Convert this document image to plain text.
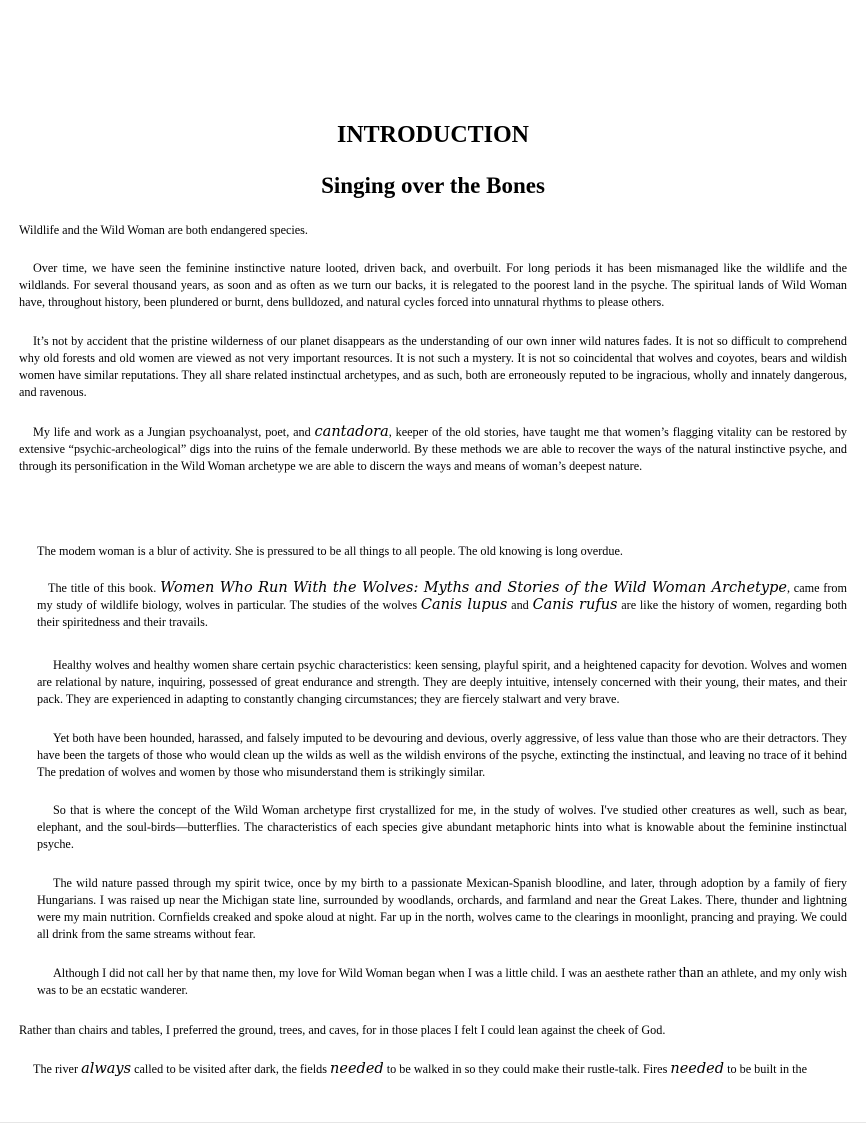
INTRODUCTION
Singing over the Bones

Wildlife and the Wild Woman are both endangered species.

Over time, we have seen the feminine instinctive nature looted, driven back, and overbuilt. For long periods it has been mismanaged like the wildlife and the wildlands. For several thousand years, as soon and as often as we turn our backs, it is relegated to the poorest land in the psyche. The spiritual lands of Wild Woman have, throughout history, been plundered or burnt, dens bulldozed, and natural cycles forced into unnatural rhythms to please others.

It’s not by accident that the pristine wilderness of our planet disappears as the understanding of our own inner wild natures fades. It is not so difficult to comprehend why old forests and old women are viewed as not very important resources. It is not such a mystery. It is not so coincidental that wolves and coyotes, bears and wildish women have similar reputations. They all share related instinctual archetypes, and as such, both are erroneously reputed to be ingracious, wholly and innately dangerous, and ravenous.

My life and work as a Jungian psychoanalyst, poet, and cantadora, keeper of the old stories, have taught me that women’s flagging vitality can be restored by extensive “psychic-archeological” digs into the ruins of the female underworld. By these methods we are able to recover the ways of the natural instinctive psyche, and through its personification in the Wild Woman archetype we are able to discern the ways and means of woman’s deepest nature.

The modem woman is a blur of activity. She is pressured to be all things to all people. The old knowing is long overdue.

The title of this book. Women Who Run With the Wolves: Myths and Stories of the Wild Woman Archetype, came from my study of wildlife biology, wolves in particular. The studies of the wolves Canis lupus and Canis rufus are like the history of women, regarding both their spiritedness and their travails.

Healthy wolves and healthy women share certain psychic characteristics: keen sensing, playful spirit, and a heightened capacity for devotion. Wolves and women are relational by nature, inquiring, possessed of great endurance and strength. They are deeply intuitive, intensely concerned with their young, their mates, and their pack. They are experienced in adapting to constantly changing circumstances; they are fiercely stalwart and very brave.

Yet both have been hounded, harassed, and falsely imputed to be devouring and devious, overly aggressive, of less value than those who are their detractors. They have been the targets of those who would clean up the wilds as well as the wildish environs of the psyche, extincting the instinctual, and leaving no trace of it behind The predation of wolves and women by those who misunderstand them is strikingly similar.

So that is where the concept of the Wild Woman archetype first crystallized for me, in the study of wolves. I've studied other creatures as well, such as bear, elephant, and the soul-birds—butterflies. The characteristics of each species give abundant metaphoric hints into what is knowable about the feminine instinctual psyche.

The wild nature passed through my spirit twice, once by my birth to a passionate Mexican-Spanish bloodline, and later, through adoption by a family of fiery Hungarians. I was raised up near the Michigan state line, surrounded by woodlands, orchards, and farmland and near the Great Lakes. There, thunder and lightning were my main nutrition. Cornfields creaked and spoke aloud at night. Far up in the north, wolves came to the clearings in moonlight, prancing and praying. We could all drink from the same streams without fear.

Although I did not call her by that name then, my love for Wild Woman began when I was a little child. I was an aesthete rather than an athlete, and my only wish was to be an ecstatic wanderer.

Rather than chairs and tables, I preferred the ground, trees, and caves, for in those places I felt I could lean against the cheek of God.

The river always called to be visited after dark, the fields needed to be walked in so they could make their rustle-talk. Fires needed to be built in the
